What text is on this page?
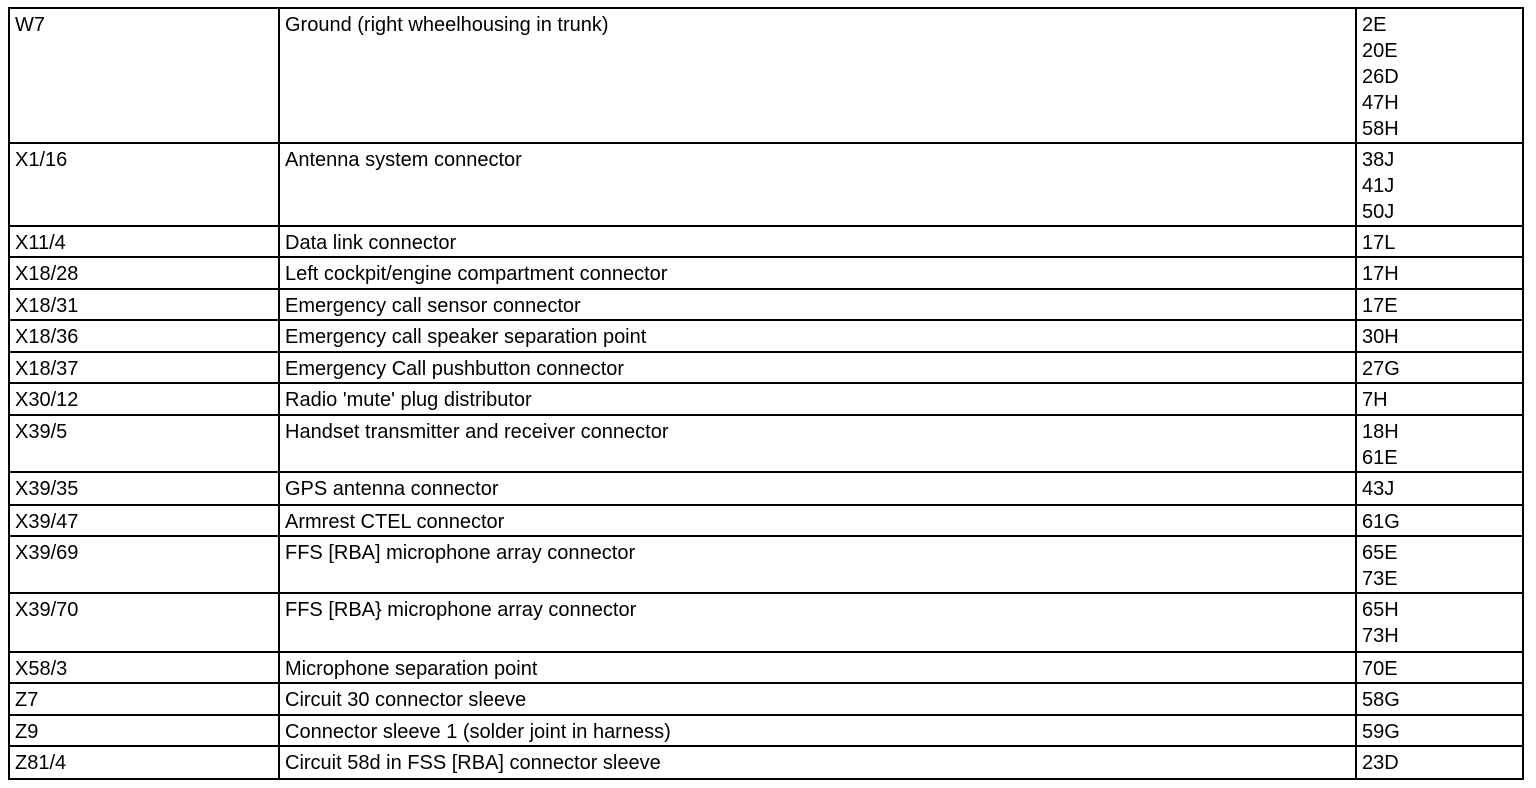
W7	Ground (right wheelhousing in trunk)	2E
20E
26D
47H
58H

X1/16	Antenna system connector	38J
41J
50J

X11/4	Data link connector	17L

X18/28	Left cockpit/engine compartment connector	17H

X18/31	Emergency call sensor connector	17E

X18/36	Emergency call speaker separation point	30H

X18/37	Emergency Call pushbutton connector	27G

X30/12	Radio 'mute' plug distributor	7H

X39/5	Handset transmitter and receiver connector	18H
61E

X39/35	GPS antenna connector	43J

X39/47	Armrest CTEL connector	61G

X39/69	FFS [RBA] microphone array connector	65E
73E

X39/70	FFS [RBA} microphone array connector	65H
73H

X58/3	Microphone separation point	70E

Z7	Circuit 30 connector sleeve	58G

Z9	Connector sleeve 1 (solder joint in harness)	59G

Z81/4	Circuit 58d in FSS [RBA] connector sleeve	23D
